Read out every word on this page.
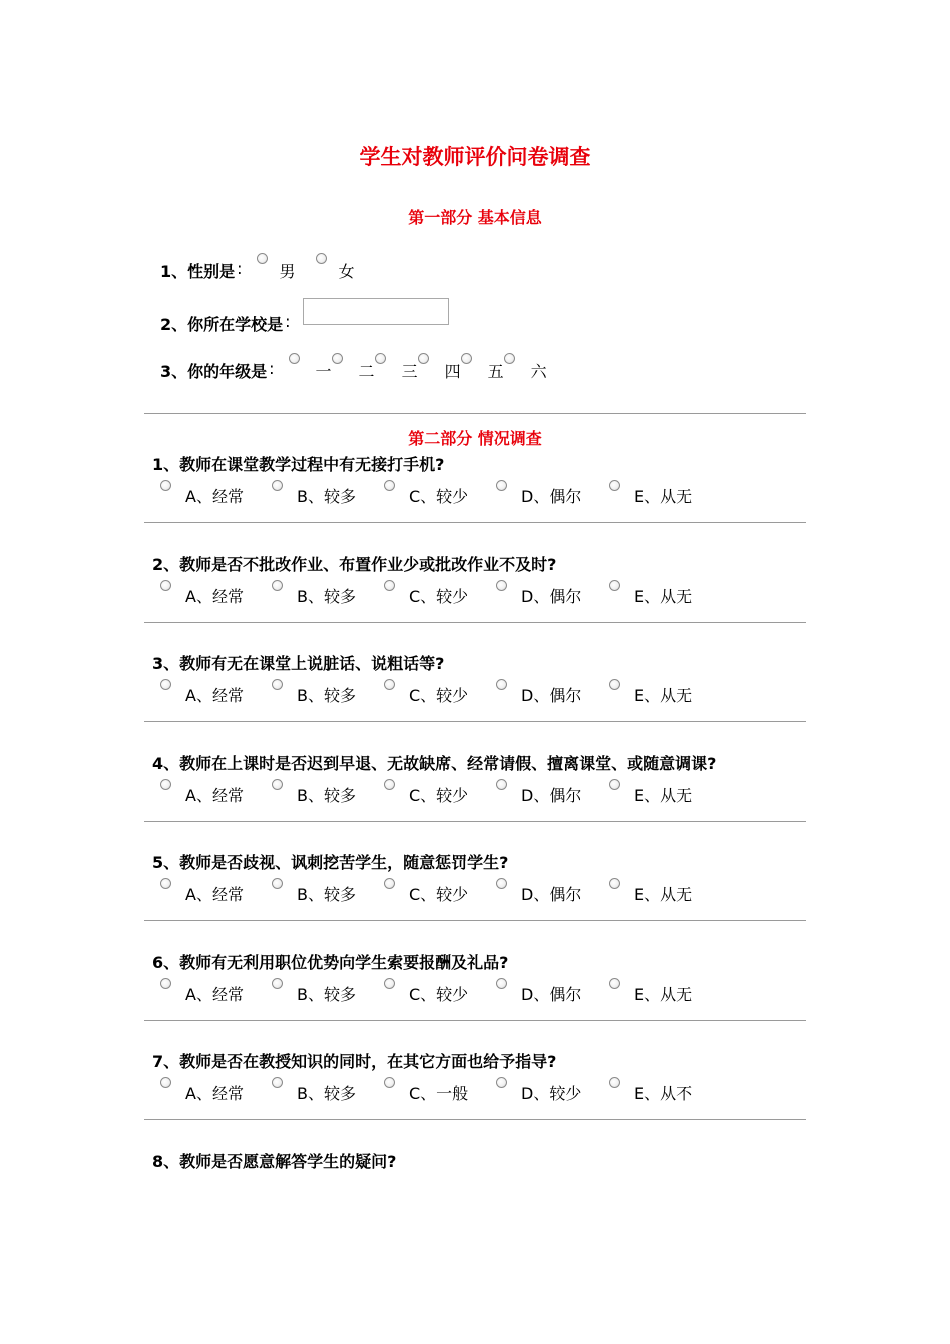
学生对教师评价问卷调查
第一部分 基本信息
1、性别是 : 男	女
2、你所在学校是 :
3、你的年级是 :	一 二 三 四 五 六
第二部分 情况调查
1、教师在课堂教学过程中有无接打手机?
A、经常	B、较多	C、较少	D、偶尔	E、从无
2、教师是否不批改作业、布置作业少或批改作业不及时?
A、经常	B、较多	C、较少	D、偶尔	E、从无
3、教师有无在课堂上说脏话、说粗话等?
A、经常	B、较多	C、较少	D、偶尔	E、从无
4、教师在上课时是否迟到早退、无故缺席、经常请假、擅离课堂、或随意调课?
A、经常	B、较多	C、较少	D、偶尔	E、从无
5、教师是否歧视、讽刺挖苦学生，随意惩罚学生?
A、经常	B、较多	C、较少	D、偶尔	E、从无
6、教师有无利用职位优势向学生索要报酬及礼品?
A、经常	B、较多	C、较少	D、偶尔	E、从无
7、教师是否在教授知识的同时，在其它方面也给予指导?
A、经常	B、较多	C、一般	D、较少	E、从不
8、教师是否愿意解答学生的疑问?
